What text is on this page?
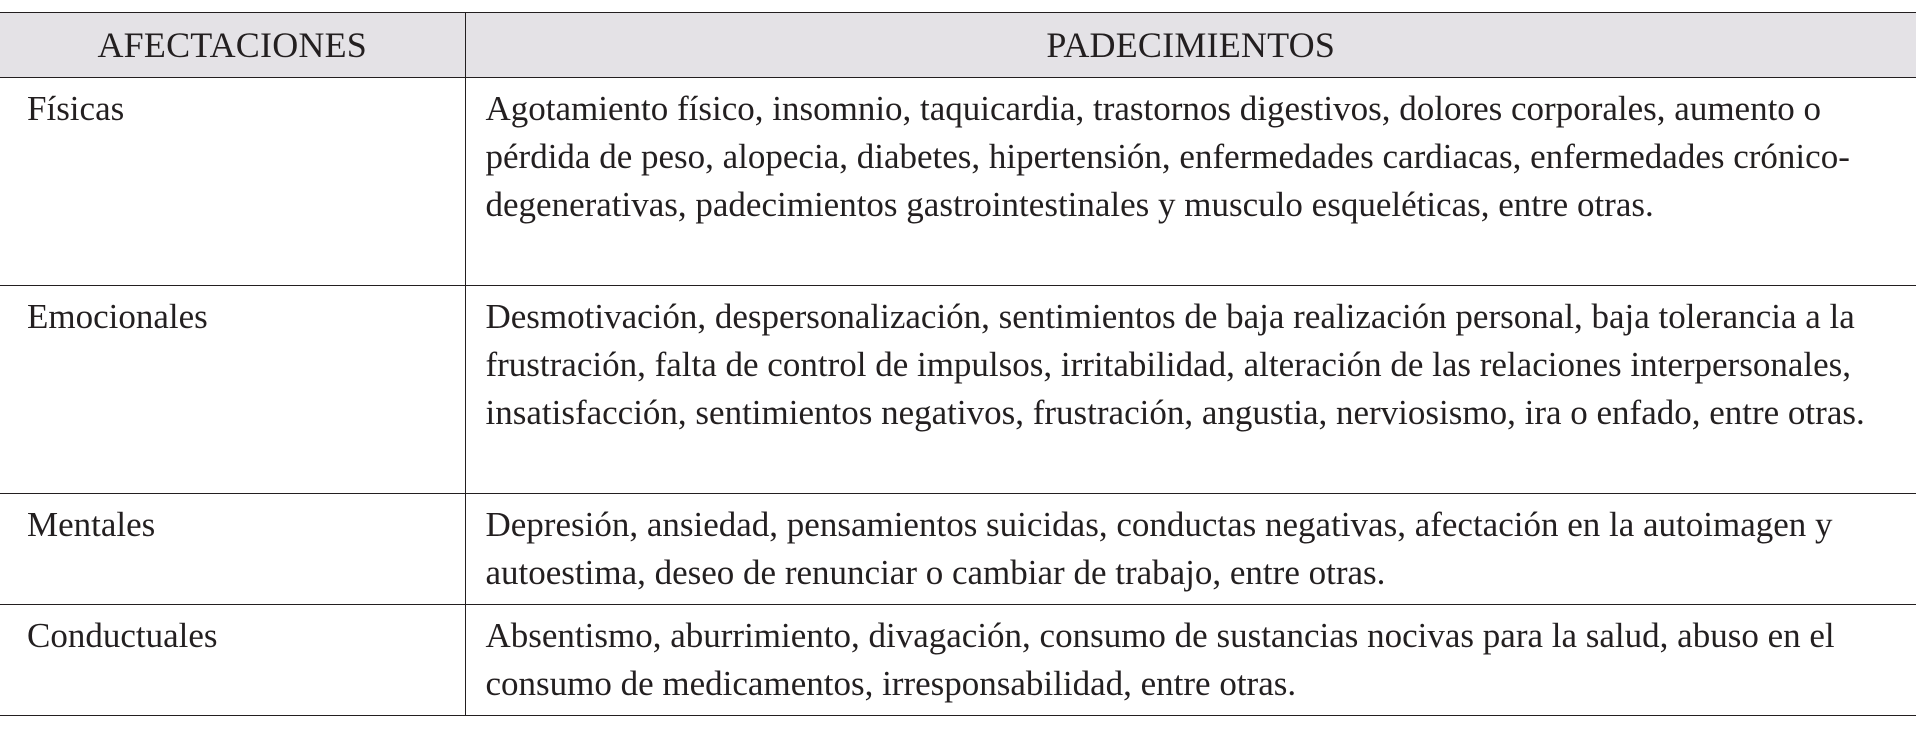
AFECTACIONES	PADECIMIENTOS
Físicas	Agotamiento físico, insomnio, taquicardia, trastornos digestivos, dolores corporales, aumento o pérdida de peso, alopecia, diabetes, hipertensión, enfermedades cardiacas, enfermedades crónico-degenerativas, padecimientos gastrointestinales y musculo esqueléticas, entre otras.
Emocionales	Desmotivación, despersonalización, sentimientos de baja realización personal, baja tolerancia a la frustración, falta de control de impulsos, irritabilidad, alteración de las relaciones interpersonales, insatisfacción, sentimientos negativos, frustración, angustia, nerviosismo, ira o enfado, entre otras.
Mentales	Depresión, ansiedad, pensamientos suicidas, conductas negativas, afectación en la autoimagen y autoestima, deseo de renunciar o cambiar de trabajo, entre otras.
Conductuales	Absentismo, aburrimiento, divagación, consumo de sustancias nocivas para la salud, abuso en el consumo de medicamentos, irresponsabilidad, entre otras.
